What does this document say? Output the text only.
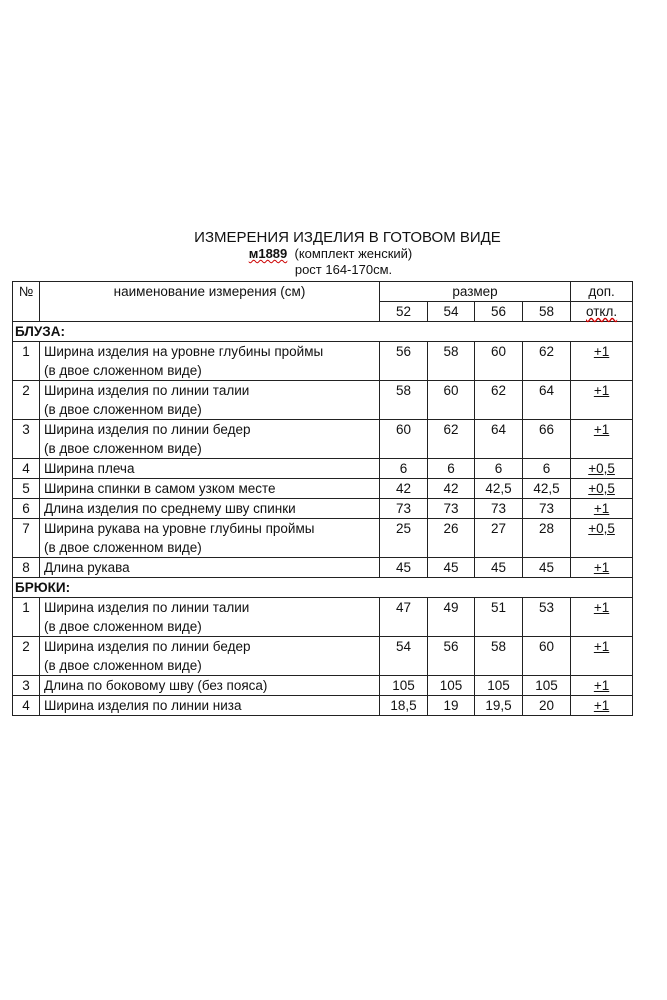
ИЗМЕРЕНИЯ ИЗДЕЛИЯ В ГОТОВОМ ВИДЕ
м1889 (комплект женский)
рост 164-170см.
№	наименование измерения (см)	размер				доп.
		52	54	56	58	откл.
БЛУЗА:						
1	Ширина изделия на уровне глубины проймы
(в двое сложенном виде)	56	58	60	62	+1
2	Ширина изделия по линии талии
(в двое сложенном виде)	58	60	62	64	+1
3	Ширина изделия по линии бедер
(в двое сложенном виде)	60	62	64	66	+1
4	Ширина плеча	6	6	6	6	+0,5
5	Ширина спинки в самом узком месте	42	42	42,5	42,5	+0,5
6	Длина изделия по среднему шву спинки	73	73	73	73	+1
7	Ширина рукава на уровне глубины проймы
(в двое сложенном виде)	25	26	27	28	+0,5
8	Длина рукава	45	45	45	45	+1
БРЮКИ:						
1	Ширина изделия по линии талии
(в двое сложенном виде)	47	49	51	53	+1
2	Ширина изделия по линии бедер
(в двое сложенном виде)	54	56	58	60	+1
3	Длина по боковому шву (без пояса)	105	105	105	105	+1
4	Ширина изделия по линии низа	18,5	19	19,5	20	+1
